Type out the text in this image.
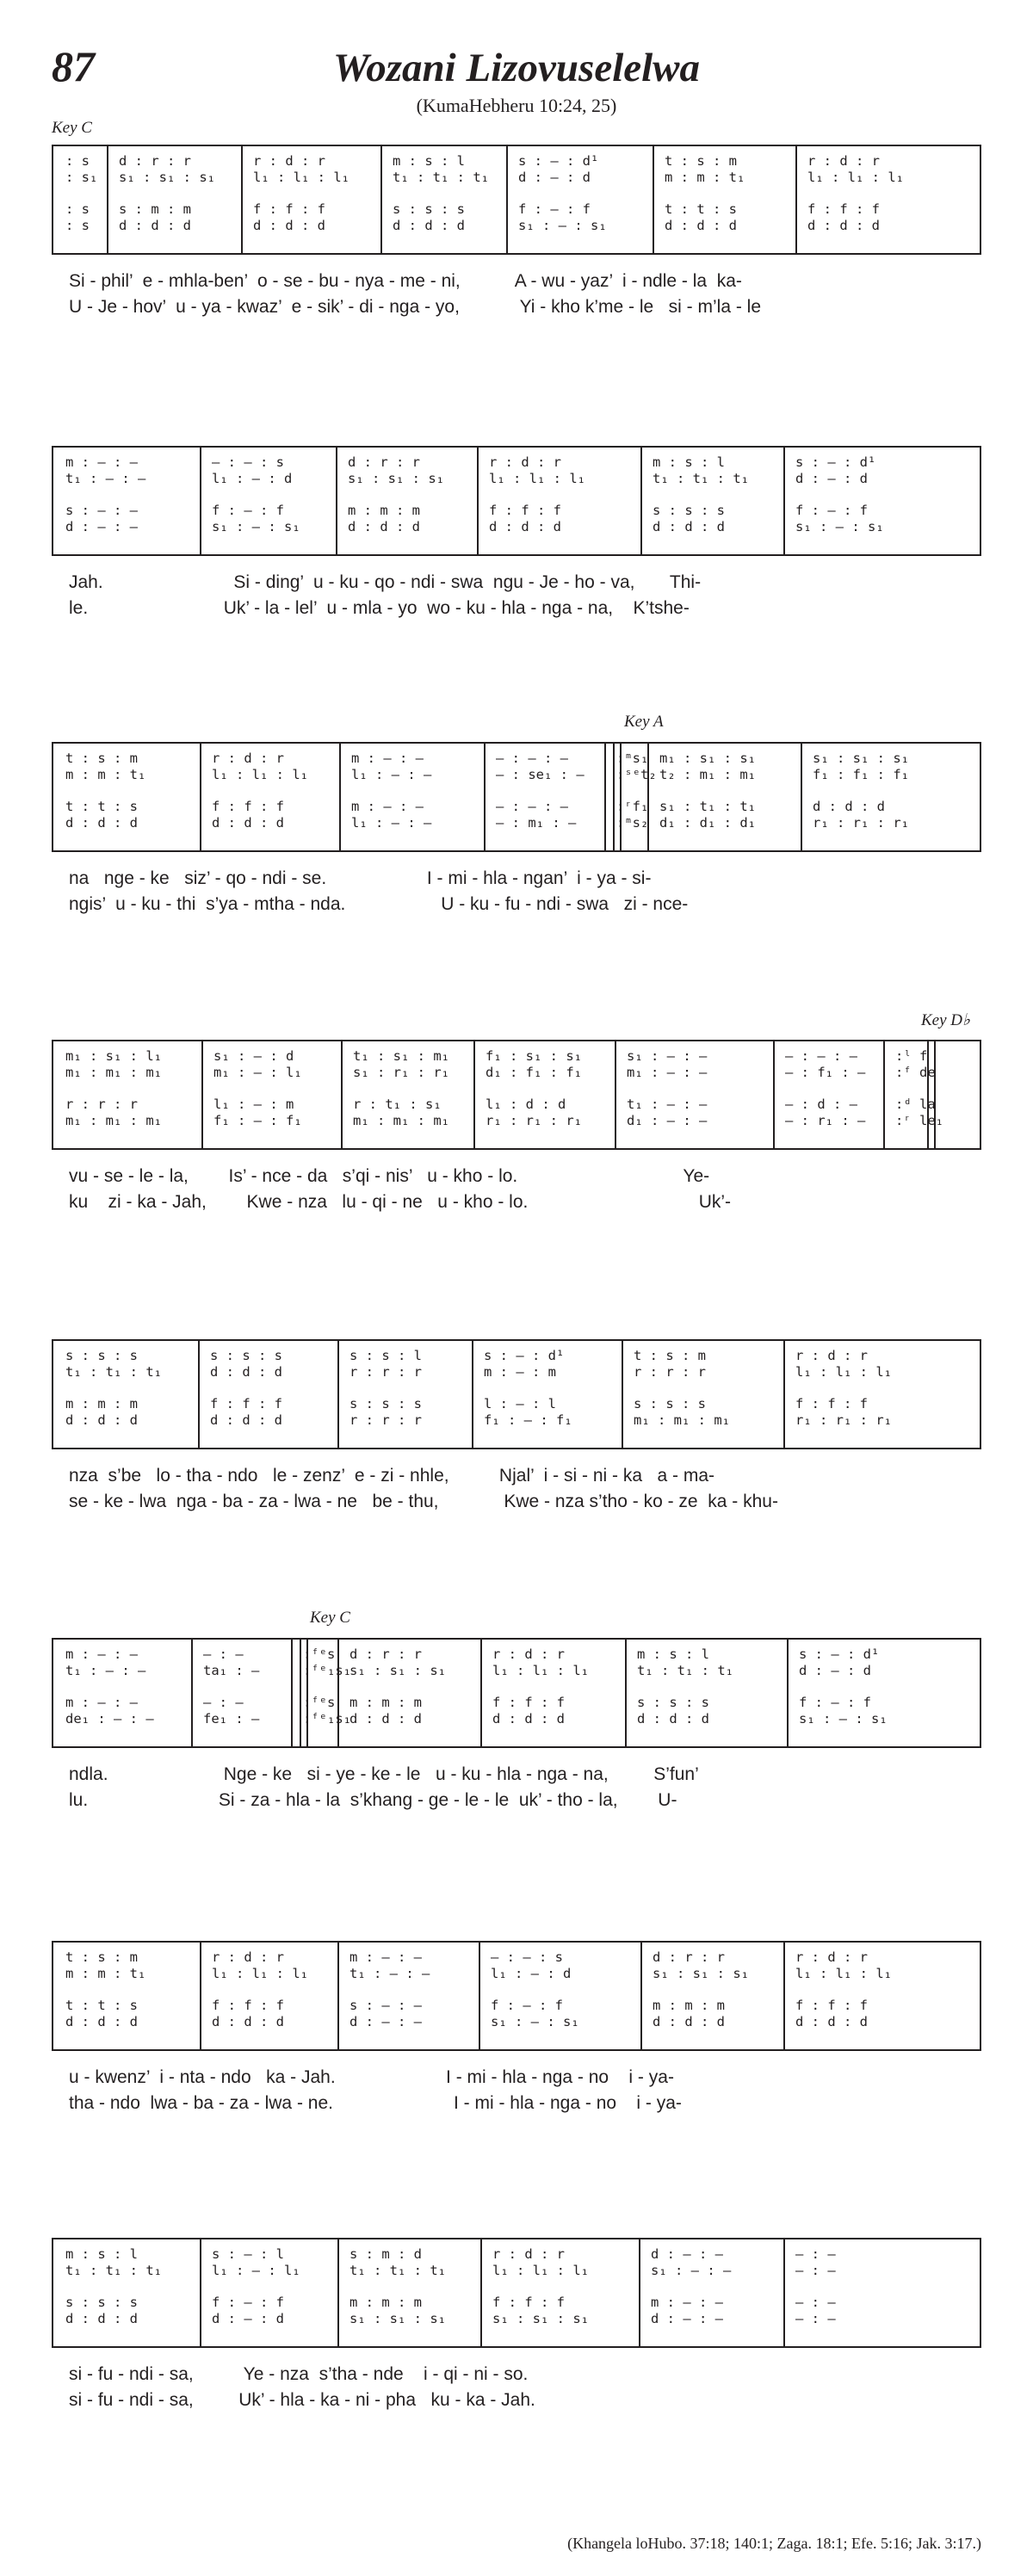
87	Wozani Lizovuselelwa
(KumaHebheru 10:24, 25)
Key C
: s
: s₁
: s
: s
d : r : r
s₁ : s₁ : s₁
s : m : m
d : d : d
r : d : r
l₁ : l₁ : l₁
f : f : f
d : d : d
m : s : l
t₁ : t₁ : t₁
s : s : s
d : d : d
s : — : d¹
d : — : d
f : — : f
s₁ : — : s₁
t : s : m
m : m : t₁
t : t : s
d : d : d
r : d : r
l₁ : l₁ : l₁
f : f : f
d : d : d
Si - phil’  e - mhla-ben’  o - se - bu - nya - me - ni,           A - wu - yaz’  i - ndle - la  ka-
U - Je - hov’  u - ya - kwaz’  e - sik’ - di - nga - yo,            Yi - kho k’me - le   si - m’la - le
m : — : —
t₁ : — : —
s : — : —
d : — : —
— : — : s
l₁ : — : d
f : — : f
s₁ : — : s₁
d : r : r
s₁ : s₁ : s₁
m : m : m
d : d : d
r : d : r
l₁ : l₁ : l₁
f : f : f
d : d : d
m : s : l
t₁ : t₁ : t₁
s : s : s
d : d : d
s : — : d¹
d : — : d
f : — : f
s₁ : — : s₁
Jah.                          Si - ding’  u - ku - qo - ndi - swa  ngu - Je - ho - va,       Thi-
le.                           Uk’ - la - lel’  u - mla - yo  wo - ku - hla - nga - na,    K’tshe-
t : s : m
m : m : t₁
t : t : s
d : d : d
r : d : r
l₁ : l₁ : l₁
f : f : f
d : d : d
m : — : —
l₁ : — : —
m : — : —
l₁ : — : —
— : — : —
— : se₁ : —
— : — : —
— : m₁ : —
:ᵐs₁
:ˢᵉt₂
:ʳf₁
:ᵐs₂
m₁ : s₁ : s₁
t₂ : m₁ : m₁
s₁ : t₁ : t₁
d₁ : d₁ : d₁
s₁ : s₁ : s₁
f₁ : f₁ : f₁
d : d : d
r₁ : r₁ : r₁
Key A
na   nge - ke   siz’ - qo - ndi - se.                    I - mi - hla - ngan’  i - ya - si-
ngis’  u - ku - thi  s’ya - mtha - nda.                   U - ku - fu - ndi - swa   zi - nce-
m₁ : s₁ : l₁
m₁ : m₁ : m₁
r : r : r
m₁ : m₁ : m₁
s₁ : — : d
m₁ : — : l₁
l₁ : — : m
f₁ : — : f₁
t₁ : s₁ : m₁
s₁ : r₁ : r₁
r : t₁ : s₁
m₁ : m₁ : m₁
f₁ : s₁ : s₁
d₁ : f₁ : f₁
l₁ : d : d
r₁ : r₁ : r₁
s₁ : — : —
m₁ : — : —
t₁ : — : —
d₁ : — : —
— : — : —
— : f₁ : —
— : d : —
— : r₁ : —
:ˡ f
:ᶠ de
:ᵈ la
:ʳ le₁
Key D♭
vu - se - le - la,        Is’ - nce - da   s’qi - nis’   u - kho - lo.                                 Ye-
ku    zi - ka - Jah,        Kwe - nza   lu - qi - ne   u - kho - lo.                                  Uk’-
s : s : s
t₁ : t₁ : t₁
m : m : m
d : d : d
s : s : s
d : d : d
f : f : f
d : d : d
s : s : l
r : r : r
s : s : s
r : r : r
s : — : d¹
m : — : m
l : — : l
f₁ : — : f₁
t : s : m
r : r : r
s : s : s
m₁ : m₁ : m₁
r : d : r
l₁ : l₁ : l₁
f : f : f
r₁ : r₁ : r₁
nza  s’be   lo - tha - ndo   le - zenz’  e - zi - nhle,          Njal’  i - si - ni - ka   a - ma-
se - ke - lwa  nga - ba - za - lwa - ne   be - thu,             Kwe - nza s’tho - ko - ze  ka - khu-
m : — : —
t₁ : — : —
m : — : —
de₁ : — : —
— : —
ta₁ : —
— : —
fe₁ : —
:ᶠᵉs
:ᶠᵉ₁s₁
:ᶠᵉs
:ᶠᵉ₁s₁
d : r : r
s₁ : s₁ : s₁
m : m : m
d : d : d
r : d : r
l₁ : l₁ : l₁
f : f : f
d : d : d
m : s : l
t₁ : t₁ : t₁
s : s : s
d : d : d
s : — : d¹
d : — : d
f : — : f
s₁ : — : s₁
Key C
ndla.                       Nge - ke   si - ye - ke - le   u - ku - hla - nga - na,         S’fun’
lu.                          Si - za - hla - la  s’khang - ge - le - le  uk’ - tho - la,        U-
t : s : m
m : m : t₁
t : t : s
d : d : d
r : d : r
l₁ : l₁ : l₁
f : f : f
d : d : d
m : — : —
t₁ : — : —
s : — : —
d : — : —
— : — : s
l₁ : — : d
f : — : f
s₁ : — : s₁
d : r : r
s₁ : s₁ : s₁
m : m : m
d : d : d
r : d : r
l₁ : l₁ : l₁
f : f : f
d : d : d
u - kwenz’  i - nta - ndo   ka - Jah.                      I - mi - hla - nga - no    i - ya-
tha - ndo  lwa - ba - za - lwa - ne.                        I - mi - hla - nga - no    i - ya-
m : s : l
t₁ : t₁ : t₁
s : s : s
d : d : d
s : — : l
l₁ : — : l₁
f : — : f
d : — : d
s : m : d
t₁ : t₁ : t₁
m : m : m
s₁ : s₁ : s₁
r : d : r
l₁ : l₁ : l₁
f : f : f
s₁ : s₁ : s₁
d : — : —
s₁ : — : —
m : — : —
d : — : —
— : —
— : —
— : —
— : —
si - fu - ndi - sa,          Ye - nza  s’tha - nde    i - qi - ni - so.
si - fu - ndi - sa,         Uk’ - hla - ka - ni - pha   ku - ka - Jah.
(Khangela loHubo. 37:18; 140:1; Zaga. 18:1; Efe. 5:16; Jak. 3:17.)
